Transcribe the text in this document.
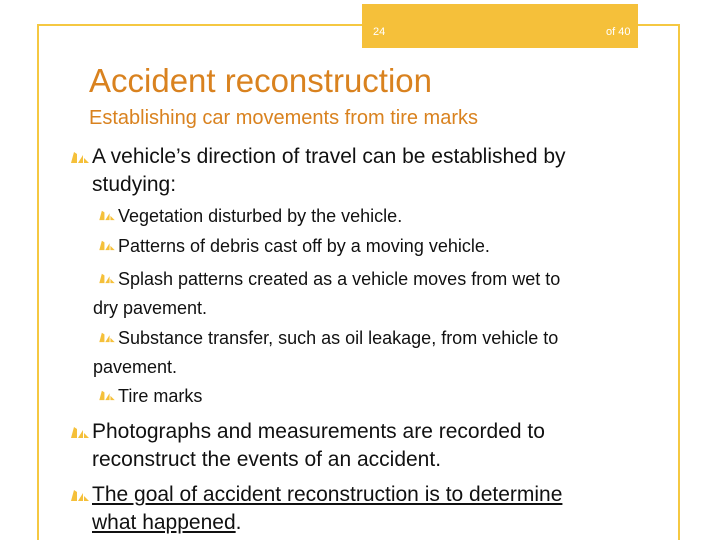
24	of 40
Accident reconstruction
Establishing car movements from tire marks
A vehicle’s direction of travel can be established by
studying:
Vegetation disturbed by the vehicle.
Patterns of debris cast off by a moving vehicle.
Splash patterns created as a vehicle moves from wet to
dry pavement.
Substance transfer, such as oil leakage, from vehicle to
pavement.
Tire marks
Photographs and measurements are recorded to
reconstruct the events of an accident.
The goal of accident reconstruction is to determine
what happened.
